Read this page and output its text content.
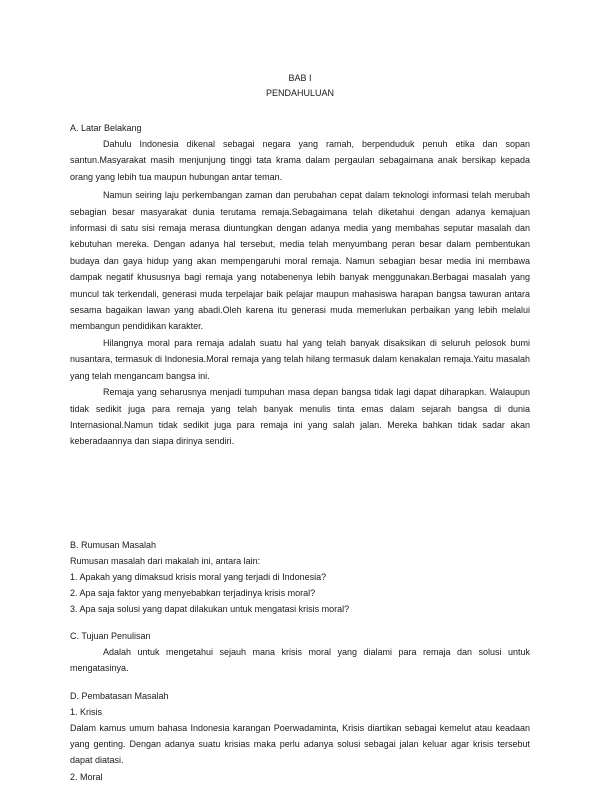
BAB I
PENDAHULUAN
A. Latar Belakang

Dahulu Indonesia dikenal sebagai negara yang ramah, berpenduduk penuh etika dan sopan santun.Masyarakat masih menjunjung tinggi tata krama dalam pergaulan sebagaimana anak bersikap kepada orang yang lebih tua maupun hubungan antar teman.

Namun seiring laju perkembangan zaman dan perubahan cepat dalam teknologi informasi telah merubah sebagian besar masyarakat dunia terutama remaja.Sebagaimana telah diketahui dengan adanya kemajuan informasi di satu sisi remaja merasa diuntungkan dengan adanya media yang membahas seputar masalah dan kebutuhan mereka. Dengan adanya hal tersebut, media telah menyumbang peran besar dalam pembentukan budaya dan gaya hidup yang akan mempengaruhi moral remaja. Namun sebagian besar media ini membawa dampak negatif khususnya bagi remaja yang notabenenya lebih banyak menggunakan.Berbagai masalah yang muncul tak terkendali, generasi muda terpelajar baik pelajar maupun mahasiswa harapan bangsa tawuran antara sesama bagaikan lawan yang abadi.Oleh karena itu generasi muda memerlukan perbaikan yang lebih melalui membangun pendidikan karakter.

Hilangnya moral para remaja adalah suatu hal yang telah banyak disaksikan di seluruh pelosok bumi nusantara, termasuk di Indonesia.Moral remaja yang telah hilang termasuk dalam kenakalan remaja.Yaitu masalah yang telah mengancam bangsa ini.

Remaja yang seharusnya menjadi tumpuhan masa depan bangsa tidak lagi dapat diharapkan. Walaupun tidak sedikit juga para remaja yang telah banyak menulis tinta emas dalam sejarah bangsa di dunia Internasional.Namun tidak sedikit juga para remaja ini yang salah jalan. Mereka bahkan tidak sadar akan keberadaannya dan siapa dirinya sendiri.

B. Rumusan Masalah
Rumusan masalah dari makalah ini, antara lain:
1. Apakah yang dimaksud krisis moral yang terjadi di Indonesia?
2. Apa saja faktor yang menyebabkan terjadinya krisis moral?
3. Apa saja solusi yang dapat dilakukan untuk mengatasi krisis moral?
C. Tujuan Penulisan

Adalah untuk mengetahui sejauh mana krisis moral yang dialami para remaja dan solusi untuk mengatasinya.

D. Pembatasan Masalah
1. Krisis

Dalam kamus umum bahasa Indonesia karangan Poerwadaminta, Krisis diartikan sebagai kemelut atau keadaan yang genting. Dengan adanya suatu krisias maka perlu adanya solusi sebagai jalan keluar agar krisis tersebut dapat diatasi.

2. Moral
